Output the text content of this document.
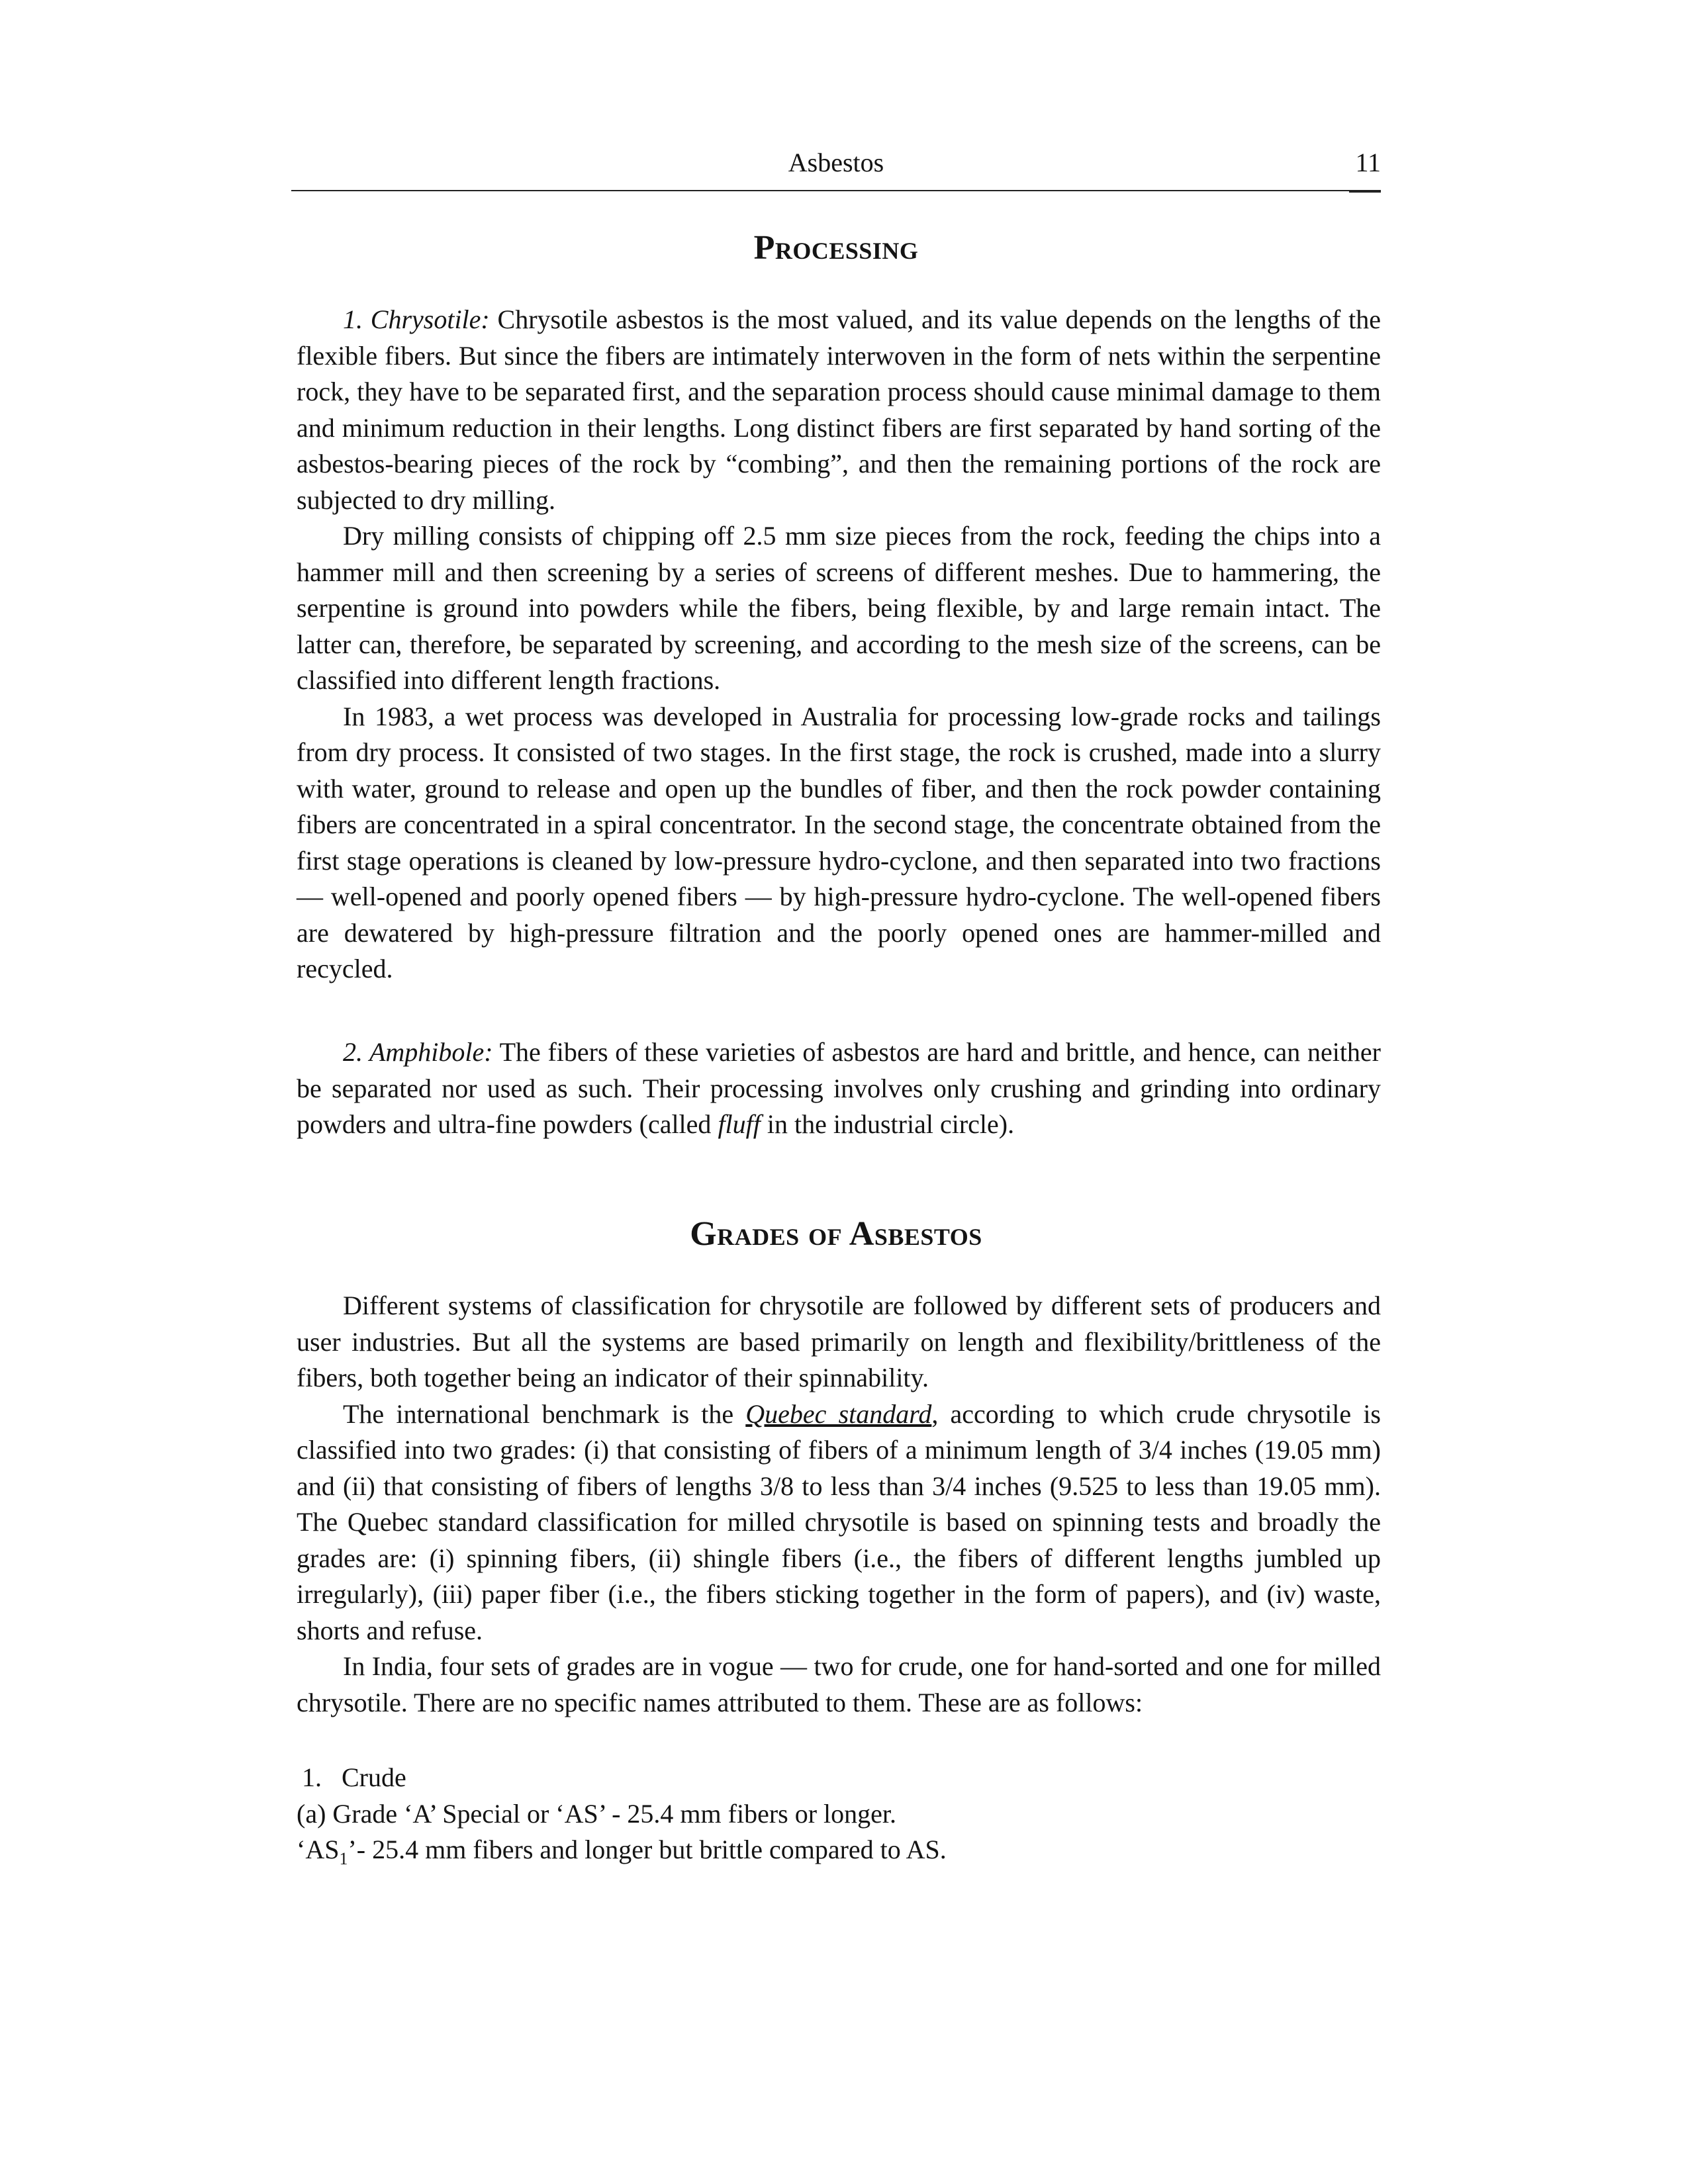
Asbestos	11
Processing

1. Chrysotile: Chrysotile asbestos is the most valued, and its value depends on the lengths of the flexible fibers. But since the fibers are intimately interwoven in the form of nets within the serpentine rock, they have to be separated first, and the separation process should cause minimal damage to them and minimum reduction in their lengths. Long distinct fibers are first separated by hand sorting of the asbestos-bearing pieces of the rock by “combing”, and then the remaining portions of the rock are subjected to dry milling.

Dry milling consists of chipping off 2.5 mm size pieces from the rock, feeding the chips into a hammer mill and then screening by a series of screens of different meshes. Due to hammering, the serpentine is ground into powders while the fibers, being flexible, by and large remain intact. The latter can, therefore, be separated by screening, and according to the mesh size of the screens, can be classified into different length fractions.

In 1983, a wet process was developed in Australia for processing low-grade rocks and tailings from dry process. It consisted of two stages. In the first stage, the rock is crushed, made into a slurry with water, ground to release and open up the bundles of fiber, and then the rock powder containing fibers are concentrated in a spiral concentrator. In the second stage, the concentrate obtained from the first stage operations is cleaned by low-pressure hydro-cyclone, and then separated into two fractions — well-opened and poorly opened fibers — by high-pressure hydro-cyclone. The well-opened fibers are dewatered by high-pressure filtration and the poorly opened ones are hammer-milled and recycled.

2. Amphibole: The fibers of these varieties of asbestos are hard and brittle, and hence, can neither be separated nor used as such. Their processing involves only crushing and grinding into ordinary powders and ultra-fine powders (called fluff in the industrial circle).

Grades of Asbestos

Different systems of classification for chrysotile are followed by different sets of producers and user industries. But all the systems are based primarily on length and flexibility/brittleness of the fibers, both together being an indicator of their spinnability.

The international benchmark is the Quebec standard, according to which crude chrysotile is classified into two grades: (i) that consisting of fibers of a minimum length of 3/4 inches (19.05 mm) and (ii) that consisting of fibers of lengths 3/8 to less than 3/4 inches (9.525 to less than 19.05 mm). The Quebec standard classification for milled chrysotile is based on spinning tests and broadly the grades are: (i) spinning fibers, (ii) shingle fibers (i.e., the fibers of different lengths jumbled up irregularly), (iii) paper fiber (i.e., the fibers sticking together in the form of papers), and (iv) waste, shorts and refuse.

In India, four sets of grades are in vogue — two for crude, one for hand-sorted and one for milled chrysotile. There are no specific names attributed to them. These are as follows:

1. Crude

(a) Grade ‘A’ Special or ‘AS’ - 25.4 mm fibers or longer.

‘$AS_1’-$ 25.4 mm fibers and longer but brittle compared to AS.
